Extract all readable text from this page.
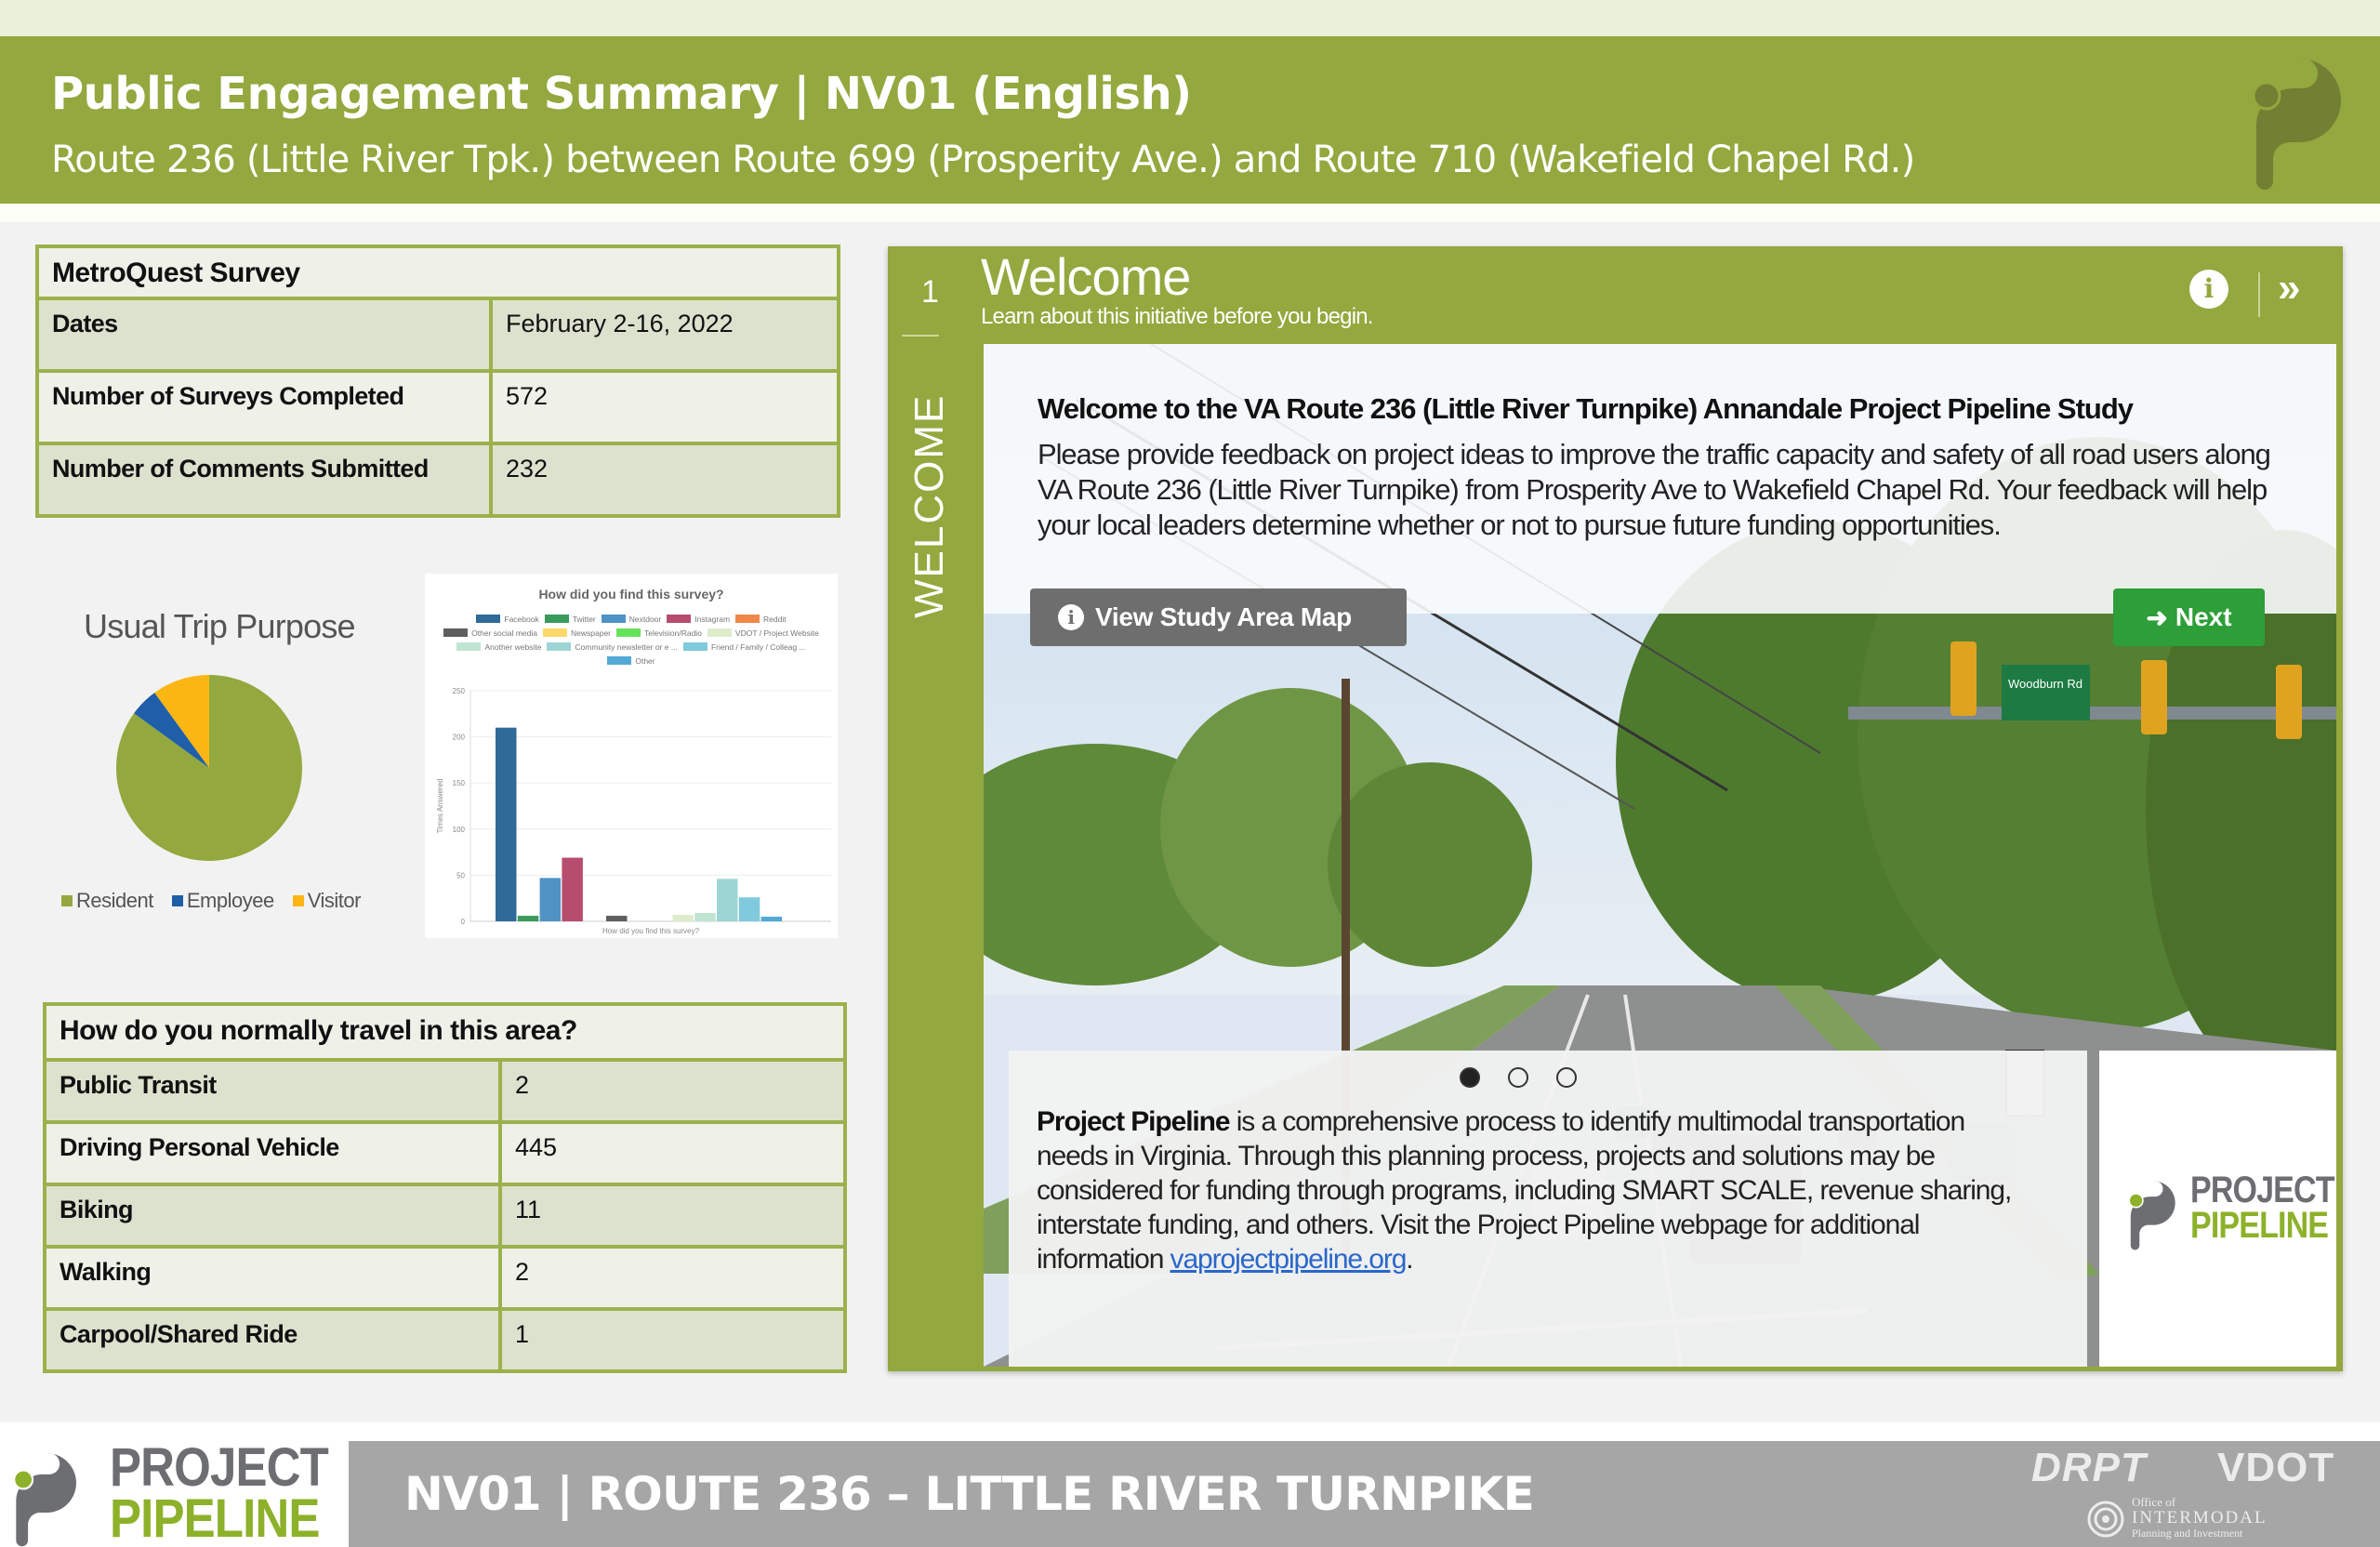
Public Engagement Summary | NV01 (English)
Route 236 (Little River Tpk.) between Route 699 (Prosperity Ave.) and Route 710 (Wakefield Chapel Rd.)
MetroQuest Survey	
Dates	February 2-16, 2022
Number of Surveys Completed	572
Number of Comments Submitted	232
Usual Trip Purpose
Resident Employee Visitor
How did you find this survey?
Facebook	Twitter	Nextdoor	Instagram	Reddit
Other social media	Newspaper	Television/Radio	VDOT / Project Website
Another website	Community newsletter or e ...	Friend / Family / Colleag ...
Other
0
50
100
150
200
250
Times Answered
How did you find this survey?
How do you normally travel in this area?	
Public Transit	2
Driving Personal Vehicle	445
Biking	11
Walking	2
Carpool/Shared Ride	1
1
WELCOME
Welcome
Learn about this initiative before you begin.
i	»
Woodburn Rd
Welcome to the VA Route 236 (Little River Turnpike) Annandale Project Pipeline Study
Please provide feedback on project ideas to improve the traffic capacity and safety of all road users along VA Route 236 (Little River Turnpike) from Prosperity Ave to Wakefield Chapel Rd. Your feedback will help your local leaders determine whether or not to pursue future funding opportunities.
i View Study Area Map	➜ Next
Project Pipeline is a comprehensive process to identify multimodal transportation needs in Virginia. Through this planning process, projects and solutions may be considered for funding through programs, including SMART SCALE, revenue sharing, interstate funding, and others. Visit the Project Pipeline webpage for additional information vaprojectpipeline.org.
PROJECT
PIPELINE
PROJECT
PIPELINE NV01 | ROUTE 236 – LITTLE RIVER TURNPIKE	DRPT VDOT
Office of
INTERMODAL
Planning and Investment
